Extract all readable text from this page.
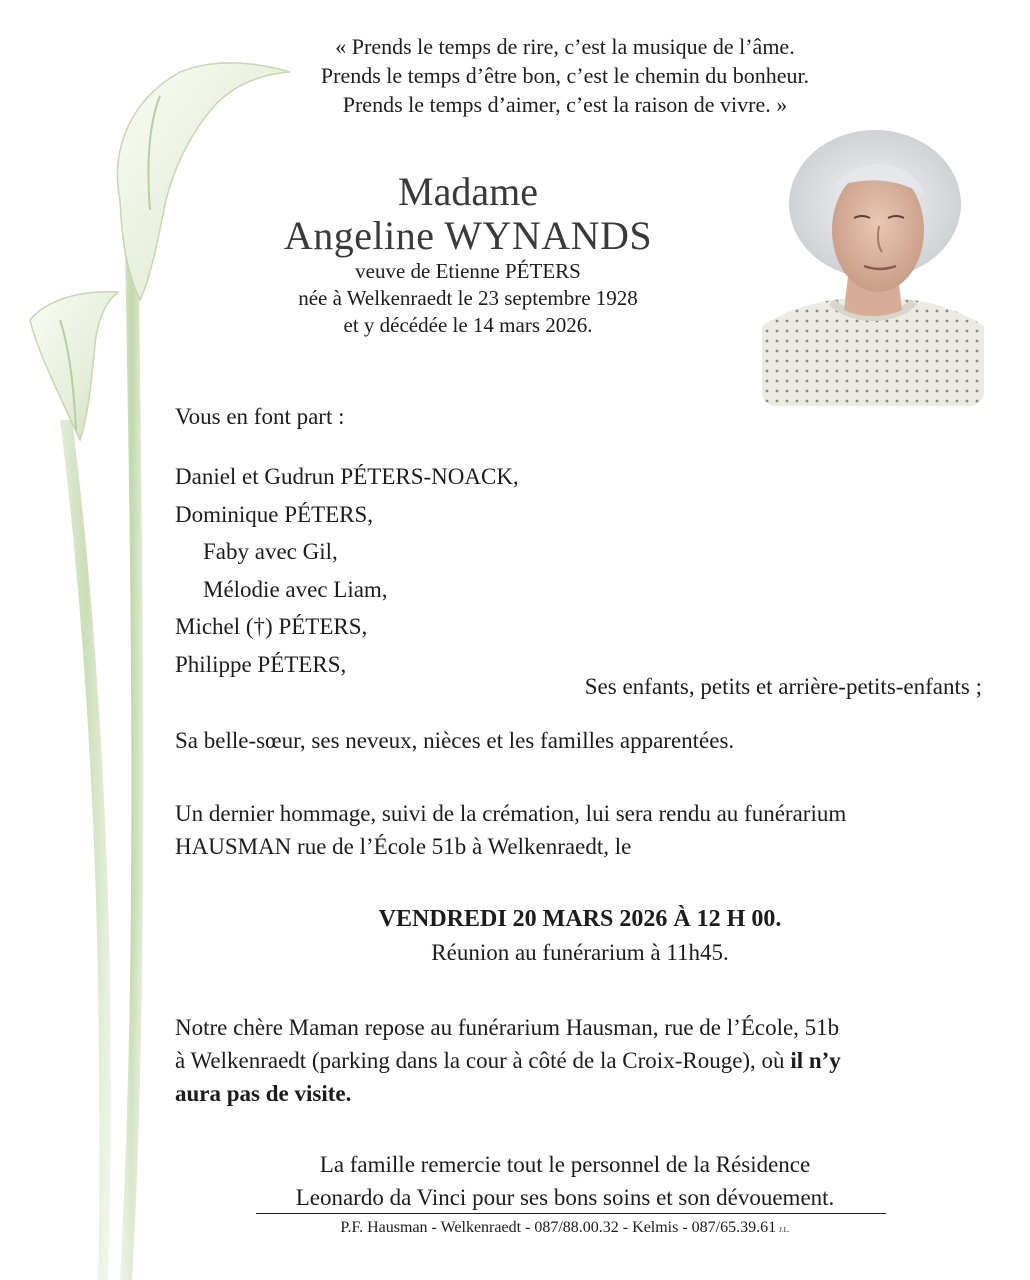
« Prends le temps de rire, c’est la musique de l’âme.
Prends le temps d’être bon, c’est le chemin du bonheur.
Prends le temps d’aimer, c’est la raison de vivre. »
Madame
Angeline WYNANDS
veuve de Etienne PÉTERS
née à Welkenraedt le 23 septembre 1928
et y décédée le 14 mars 2026.
Vous en font part :
Daniel et Gudrun PÉTERS-NOACK,
Dominique PÉTERS,
Faby avec Gil,
Mélodie avec Liam,
Michel (†) PÉTERS,
Philippe PÉTERS,
Ses enfants, petits et arrière-petits-enfants ;
Sa belle-sœur, ses neveux, nièces et les familles apparentées.
Un dernier hommage, suivi de la crémation, lui sera rendu au funérarium
HAUSMAN rue de l’École 51b à Welkenraedt, le
VENDREDI 20 MARS 2026 À 12 H 00.
Réunion au funérarium à 11h45.
Notre chère Maman repose au funérarium Hausman, rue de l’École, 51b
à Welkenraedt (parking dans la cour à côté de la Croix-Rouge), où il n’y
aura pas de visite.
La famille remercie tout le personnel de la Résidence
Leonardo da Vinci pour ses bons soins et son dévouement.
P.F. Hausman - Welkenraedt - 087/88.00.32 - Kelmis - 087/65.39.61 J.L.
